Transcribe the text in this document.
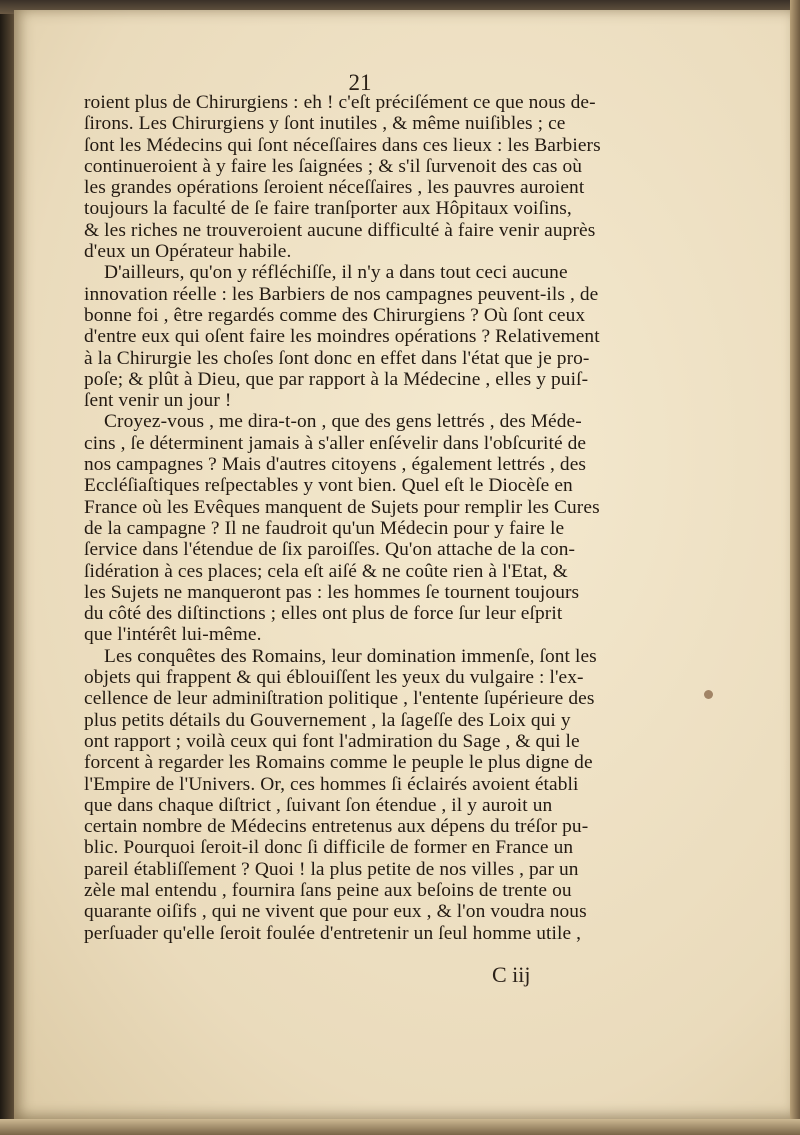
21
roient plus de Chirurgiens : eh ! c'eſt préciſément ce que nous de-
ſirons. Les Chirurgiens y ſont inutiles , & même nuiſibles ; ce
ſont les Médecins qui ſont néceſſaires dans ces lieux : les Barbiers
continueroient à y faire les ſaignées ; & s'il ſurvenoit des cas où
les grandes opérations ſeroient néceſſaires , les pauvres auroient
toujours la faculté de ſe faire tranſporter aux Hôpitaux voiſins,
& les riches ne trouveroient aucune difficulté à faire venir auprès
d'eux un Opérateur habile.
D'ailleurs, qu'on y réfléchiſſe, il n'y a dans tout ceci aucune
innovation réelle : les Barbiers de nos campagnes peuvent-ils , de
bonne foi , être regardés comme des Chirurgiens ? Où ſont ceux
d'entre eux qui oſent faire les moindres opérations ? Relativement
à la Chirurgie les choſes ſont donc en effet dans l'état que je pro-
poſe; & plût à Dieu, que par rapport à la Médecine , elles y puiſ-
ſent venir un jour !
Croyez-vous , me dira-t-on , que des gens lettrés , des Méde-
cins , ſe déterminent jamais à s'aller enſévelir dans l'obſcurité de
nos campagnes ? Mais d'autres citoyens , également lettrés , des
Eccléſiaſtiques reſpectables y vont bien. Quel eſt le Diocèſe en
France où les Evêques manquent de Sujets pour remplir les Cures
de la campagne ? Il ne faudroit qu'un Médecin pour y faire le
ſervice dans l'étendue de ſix paroiſſes. Qu'on attache de la con-
ſidération à ces places; cela eſt aiſé & ne coûte rien à l'Etat, &
les Sujets ne manqueront pas : les hommes ſe tournent toujours
du côté des diſtinctions ; elles ont plus de force ſur leur eſprit
que l'intérêt lui-même.
Les conquêtes des Romains, leur domination immenſe, ſont les
objets qui frappent & qui éblouiſſent les yeux du vulgaire : l'ex-
cellence de leur adminiſtration politique , l'entente ſupérieure des
plus petits détails du Gouvernement , la ſageſſe des Loix qui y
ont rapport ; voilà ceux qui font l'admiration du Sage , & qui le
forcent à regarder les Romains comme le peuple le plus digne de
l'Empire de l'Univers. Or, ces hommes ſi éclairés avoient établi
que dans chaque diſtrict , ſuivant ſon étendue , il y auroit un
certain nombre de Médecins entretenus aux dépens du tréſor pu-
blic. Pourquoi ſeroit-il donc ſi difficile de former en France un
pareil établiſſement ? Quoi ! la plus petite de nos villes , par un
zèle mal entendu , fournira ſans peine aux beſoins de trente ou
quarante oiſifs , qui ne vivent que pour eux , & l'on voudra nous
perſuader qu'elle ſeroit foulée d'entretenir un ſeul homme utile ,
C iij
